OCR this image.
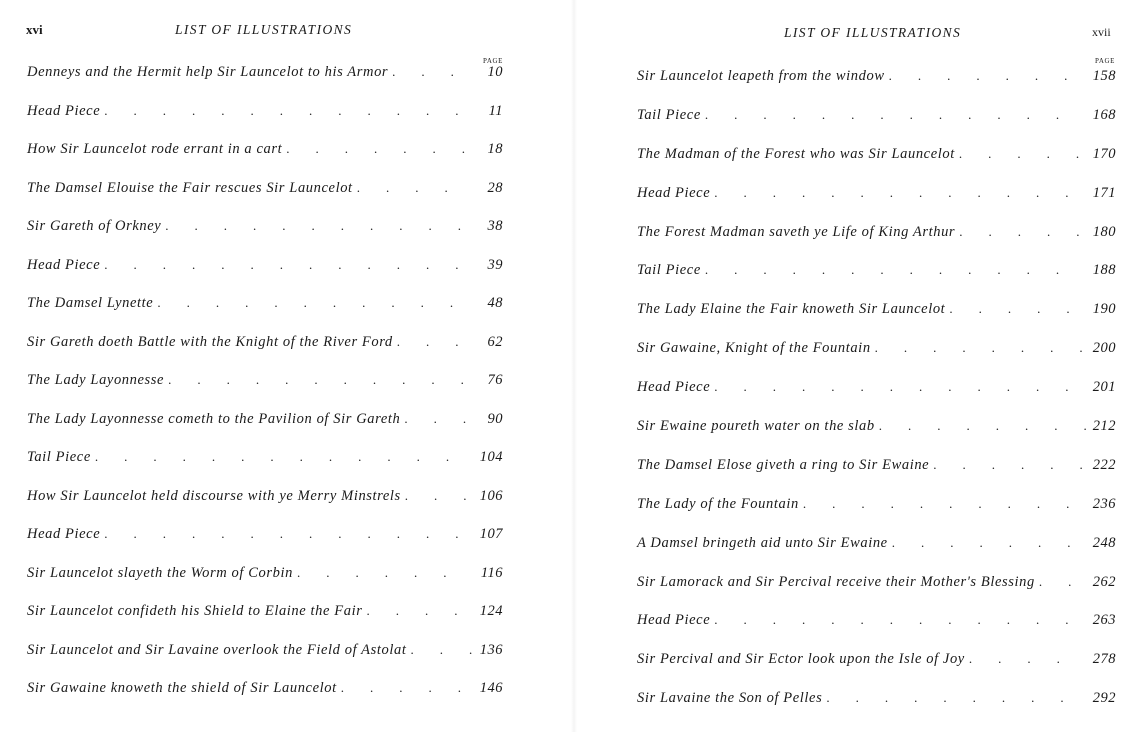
xvi	LIST OF ILLUSTRATIONS
PAGE
Denneys and the Hermit help Sir Launcelot to his Armor .	10
Head Piece .	11
How Sir Launcelot rode errant in a cart .	18
The Damsel Elouise the Fair rescues Sir Launcelot .	28
Sir Gareth of Orkney .	38
Head Piece .	39
The Damsel Lynette .	48
Sir Gareth doeth Battle with the Knight of the River Ford .	62
The Lady Layonnesse .	76
The Lady Layonnesse cometh to the Pavilion of Sir Gareth .	90
Tail Piece .	104
How Sir Launcelot held discourse with ye Merry Minstrels .	106
Head Piece .	107
Sir Launcelot slayeth the Worm of Corbin .	116
Sir Launcelot confideth his Shield to Elaine the Fair .	124
Sir Launcelot and Sir Lavaine overlook the Field of Astolat .	136
Sir Gawaine knoweth the shield of Sir Launcelot .	146
LIST OF ILLUSTRATIONS	xvii
PAGE
Sir Launcelot leapeth from the window .	158
Tail Piece .	168
The Madman of the Forest who was Sir Launcelot .	170
Head Piece .	171
The Forest Madman saveth ye Life of King Arthur .	180
Tail Piece .	188
The Lady Elaine the Fair knoweth Sir Launcelot .	190
Sir Gawaine, Knight of the Fountain .	200
Head Piece .	201
Sir Ewaine poureth water on the slab .	212
The Damsel Elose giveth a ring to Sir Ewaine .	222
The Lady of the Fountain .	236
A Damsel bringeth aid unto Sir Ewaine .	248
Sir Lamorack and Sir Percival receive their Mother's Blessing .	262
Head Piece .	263
Sir Percival and Sir Ector look upon the Isle of Joy .	278
Sir Lavaine the Son of Pelles .	292
